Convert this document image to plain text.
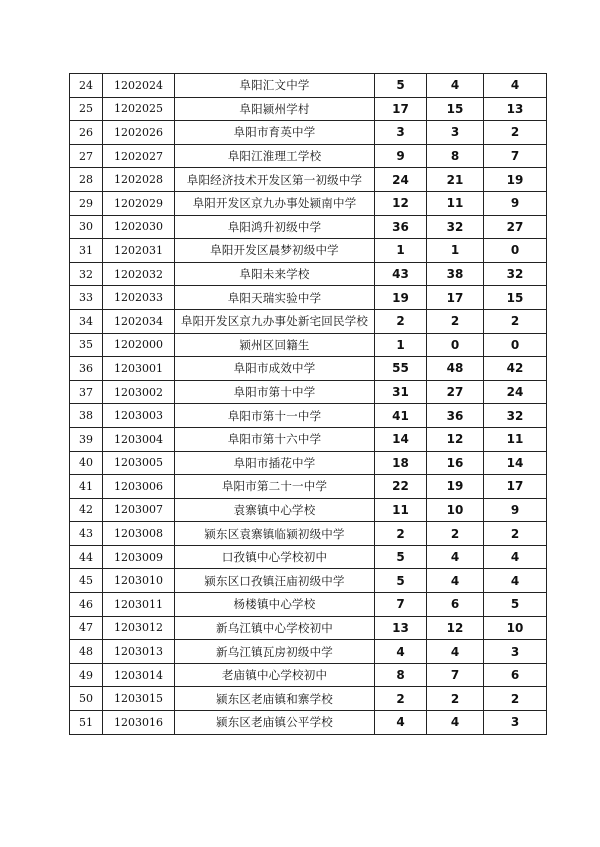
24	1202024	阜阳汇文中学	5	4	4
25	1202025	阜阳颍州学村	17	15	13
26	1202026	阜阳市育英中学	3	3	2
27	1202027	阜阳江淮理工学校	9	8	7
28	1202028	阜阳经济技术开发区第一初级中学	24	21	19
29	1202029	阜阳开发区京九办事处颍南中学	12	11	9
30	1202030	阜阳鸿升初级中学	36	32	27
31	1202031	阜阳开发区晨梦初级中学	1	1	0
32	1202032	阜阳未来学校	43	38	32
33	1202033	阜阳天瑞实验中学	19	17	15
34	1202034	阜阳开发区京九办事处新宅回民学校	2	2	2
35	1202000	颍州区回籍生	1	0	0
36	1203001	阜阳市成效中学	55	48	42
37	1203002	阜阳市第十中学	31	27	24
38	1203003	阜阳市第十一中学	41	36	32
39	1203004	阜阳市第十六中学	14	12	11
40	1203005	阜阳市插花中学	18	16	14
41	1203006	阜阳市第二十一中学	22	19	17
42	1203007	袁寨镇中心学校	11	10	9
43	1203008	颍东区袁寨镇临颍初级中学	2	2	2
44	1203009	口孜镇中心学校初中	5	4	4
45	1203010	颍东区口孜镇汪庙初级中学	5	4	4
46	1203011	杨楼镇中心学校	7	6	5
47	1203012	新乌江镇中心学校初中	13	12	10
48	1203013	新乌江镇瓦房初级中学	4	4	3
49	1203014	老庙镇中心学校初中	8	7	6
50	1203015	颍东区老庙镇和寨学校	2	2	2
51	1203016	颍东区老庙镇公平学校	4	4	3
